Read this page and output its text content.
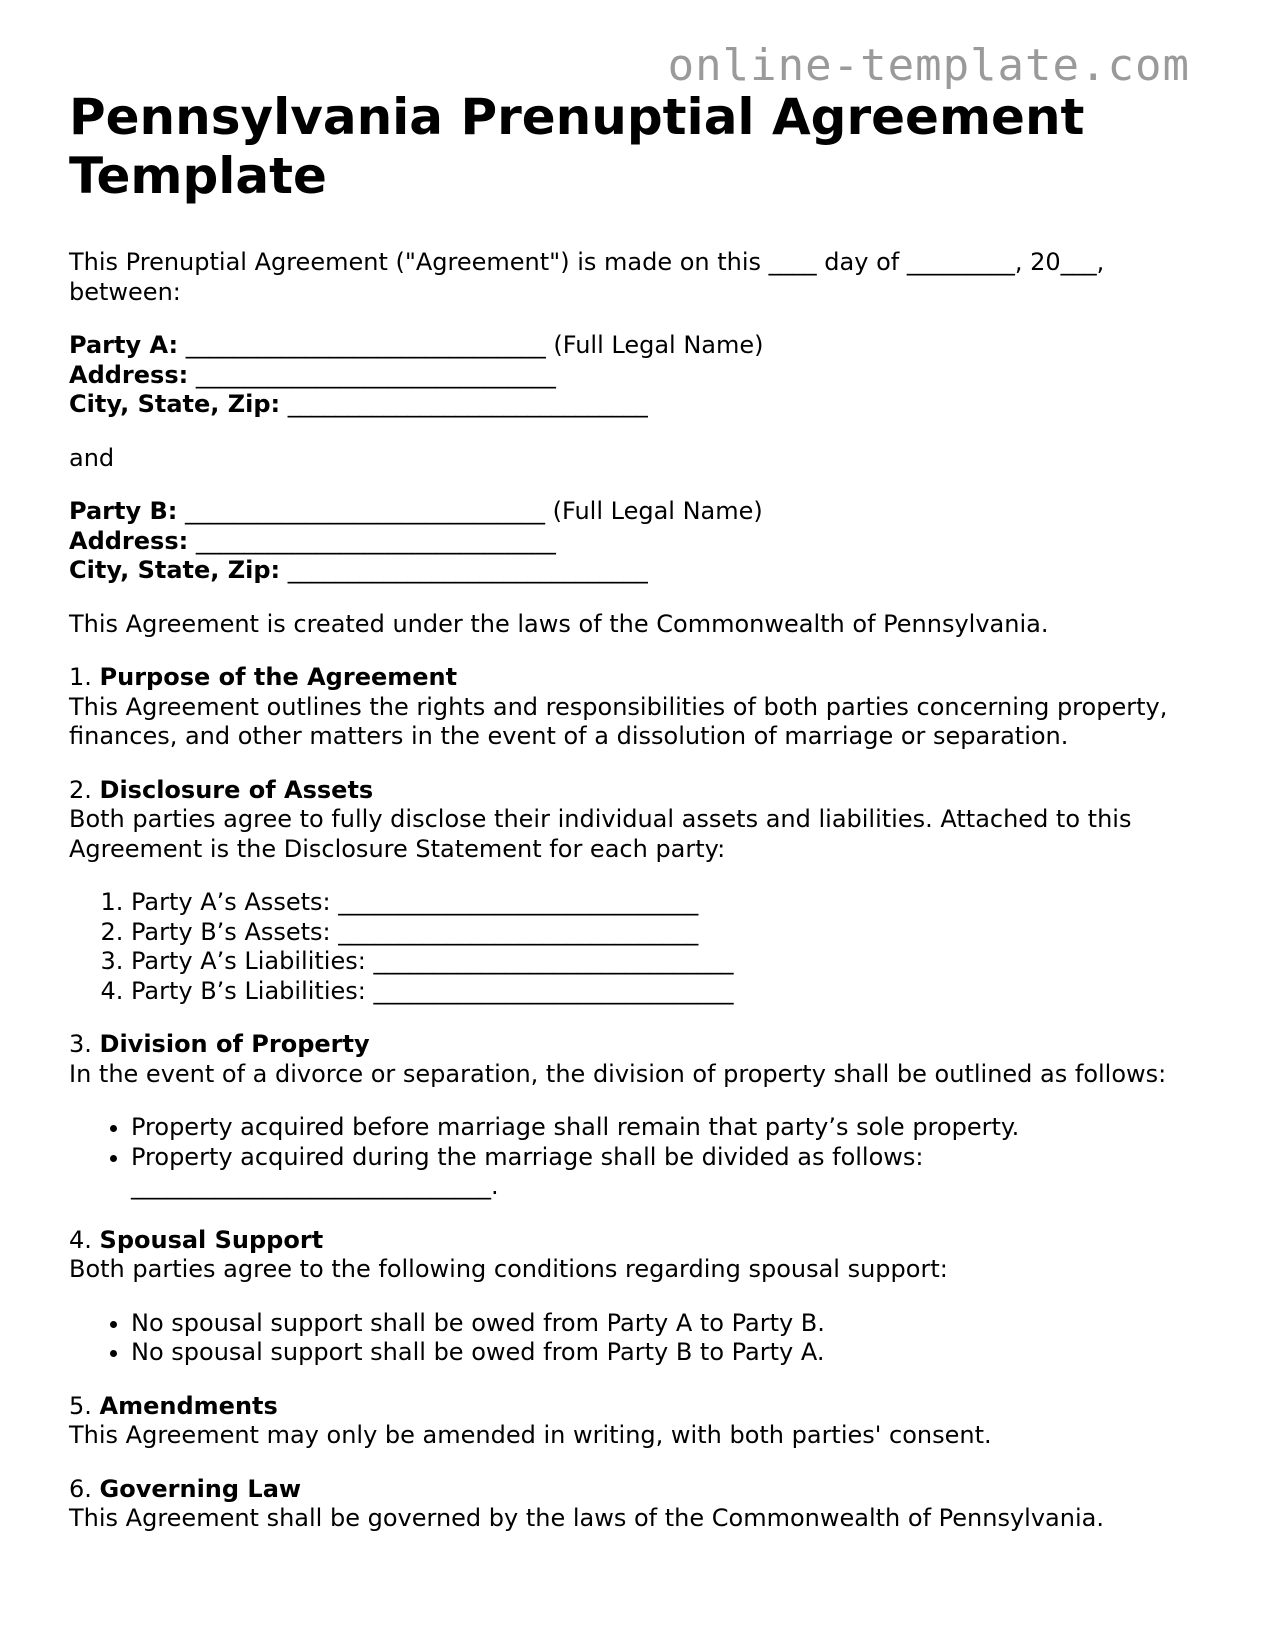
online-template.com
Pennsylvania Prenuptial Agreement Template

This Prenuptial Agreement ("Agreement") is made on this ____ day of _________, 20___, between:

Party A: ______________________________ (Full Legal Name)

Address: ______________________________

City, State, Zip: ______________________________

and

Party B: ______________________________ (Full Legal Name)

Address: ______________________________

City, State, Zip: ______________________________

This Agreement is created under the laws of the Commonwealth of Pennsylvania.

1. Purpose of the Agreement

This Agreement outlines the rights and responsibilities of both parties concerning property, finances, and other matters in the event of a dissolution of marriage or separation.

2. Disclosure of Assets

Both parties agree to fully disclose their individual assets and liabilities. Attached to this Agreement is the Disclosure Statement for each party:

1. Party A’s Assets: ______________________________
2. Party B’s Assets: ______________________________
3. Party A’s Liabilities: ______________________________
4. Party B’s Liabilities: ______________________________

3. Division of Property

In the event of a divorce or separation, the division of property shall be outlined as follows:

• Property acquired before marriage shall remain that party’s sole property.
• Property acquired during the marriage shall be divided as follows: ______________________________.

4. Spousal Support

Both parties agree to the following conditions regarding spousal support:

• No spousal support shall be owed from Party A to Party B.
• No spousal support shall be owed from Party B to Party A.

5. Amendments

This Agreement may only be amended in writing, with both parties' consent.

6. Governing Law

This Agreement shall be governed by the laws of the Commonwealth of Pennsylvania.
